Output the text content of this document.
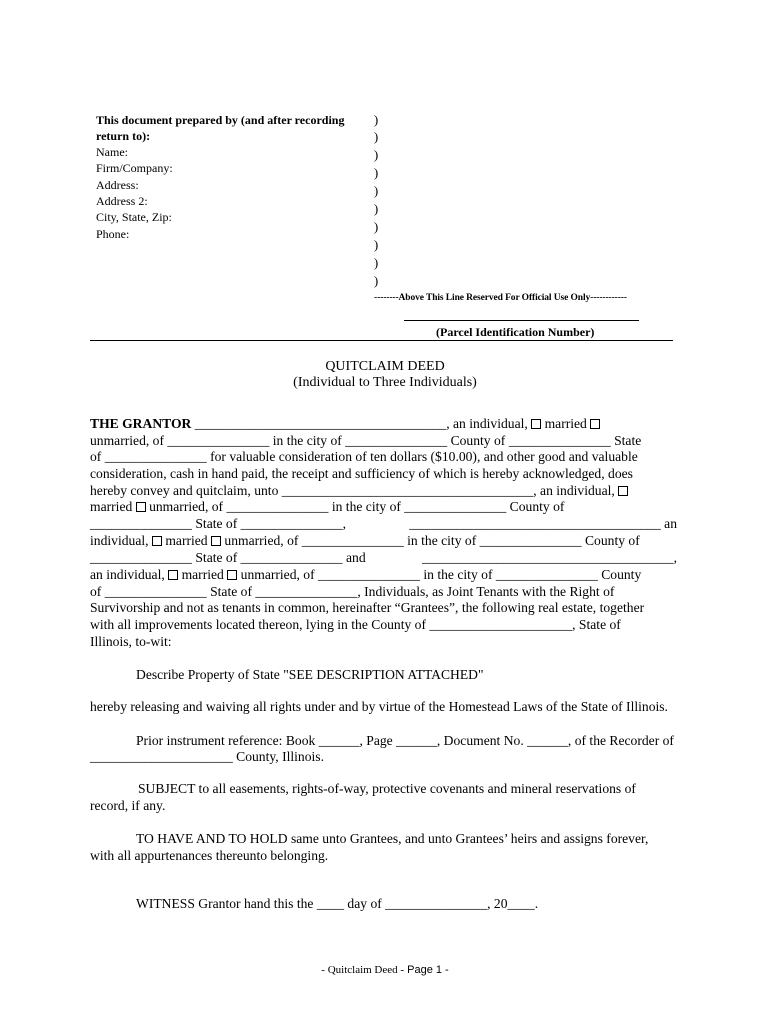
This document prepared by (and after recording
return to):
Name:
Firm/Company:
Address:
Address 2:
City, State, Zip:
Phone:
)
)
)
)
)
)
)
)
)
)
--------Above This Line Reserved For Official Use Only------------
(Parcel Identification Number)
QUITCLAIM DEED
(Individual to Three Individuals)
THE GRANTOR _____________________________________, an individual,  married
unmarried, of _______________ in the city of _______________ County of _______________ State
of _______________ for valuable consideration of ten dollars ($10.00), and other good and valuable
consideration, cash in hand paid, the receipt and sufficiency of which is hereby acknowledged, does
hereby convey and quitclaim, unto _____________________________________, an individual,
married  unmarried, of _______________ in the city of _______________ County of
_______________ State of _______________,	_____________________________________ an
individual,  married  unmarried, of _______________ in the city of _______________ County of
_______________ State of _______________ and	_____________________________________,
an individual,  married  unmarried, of _______________ in the city of _______________ County
of _______________ State of _______________, Individuals, as Joint Tenants with the Right of
Survivorship and not as tenants in common, hereinafter “Grantees”, the following real estate, together
with all improvements located thereon, lying in the County of _____________________, State of
Illinois, to-wit:
Describe Property of State "SEE DESCRIPTION ATTACHED"
hereby releasing and waiving all rights under and by virtue of the Homestead Laws of the State of Illinois.
Prior instrument reference: Book ______, Page ______, Document No. ______, of the Recorder of
_____________________ County, Illinois.
SUBJECT to all easements, rights-of-way, protective covenants and mineral reservations of
record, if any.
TO HAVE AND TO HOLD same unto Grantees, and unto Grantees’ heirs and assigns forever,
with all appurtenances thereunto belonging.
WITNESS Grantor hand this the ____ day of _______________, 20____.
- Quitclaim Deed - Page 1 -
